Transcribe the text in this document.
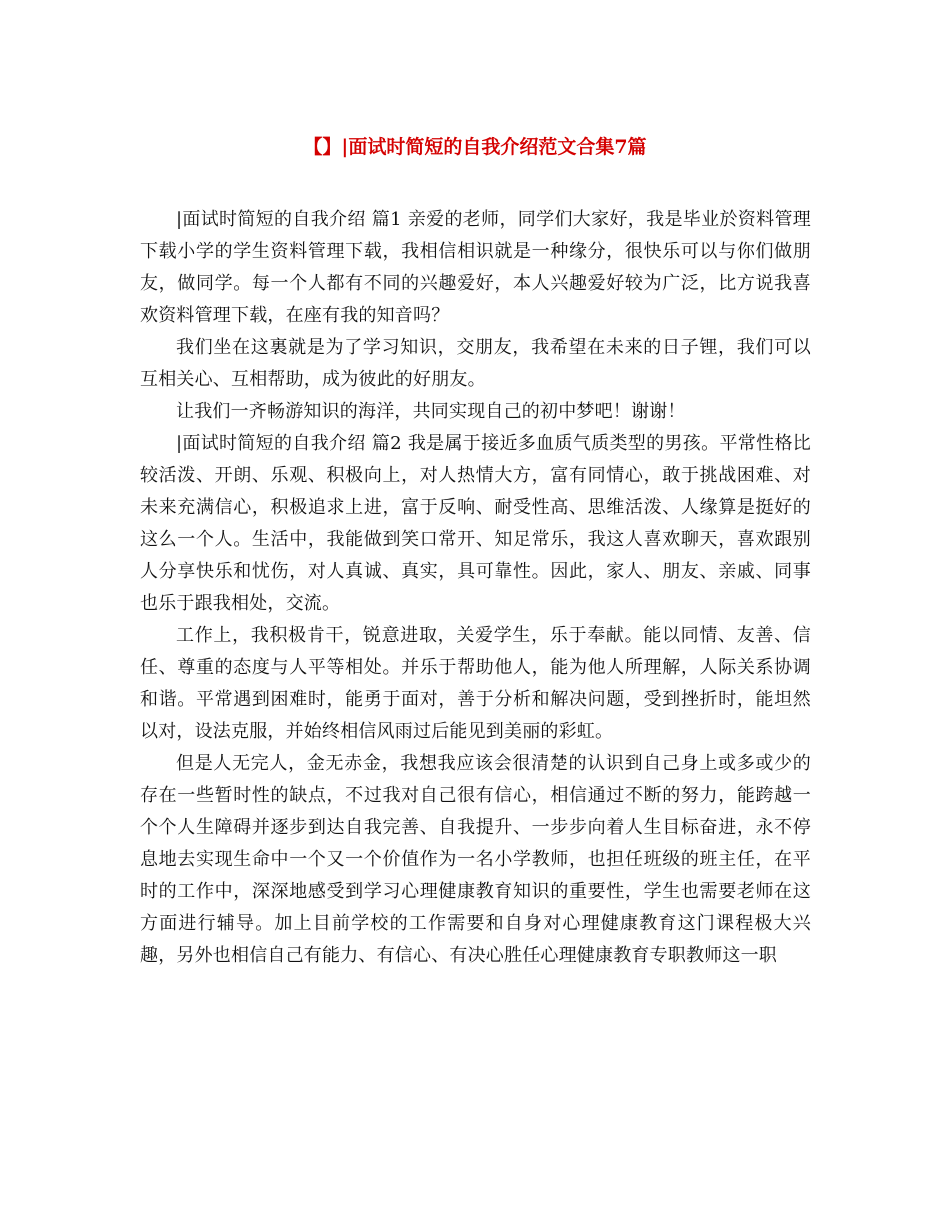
【】|面试时简短的自我介绍范文合集7篇

|面试时简短的自我介绍 篇1 亲爱的老师，同学们大家好，我是毕业於资料管理下载小学的学生资料管理下载，我相信相识就是一种缘分，很快乐可以与你们做朋友，做同学。每一个人都有不同的兴趣爱好，本人兴趣爱好较为广泛，比方说我喜欢资料管理下载，在座有我的知音吗？

我们坐在这裏就是为了学习知识，交朋友，我希望在未来的日子锂，我们可以互相关心、互相帮助，成为彼此的好朋友。

让我们一齐畅游知识的海洋，共同实现自己的初中梦吧！谢谢！

|面试时简短的自我介绍 篇2 我是属于接近多血质气质类型的男孩。平常性格比较活泼、开朗、乐观、积极向上，对人热情大方，富有同情心，敢于挑战困难、对未来充满信心，积极追求上进，富于反响、耐受性高、思维活泼、人缘算是挺好的这么一个人。生活中，我能做到笑口常开、知足常乐，我这人喜欢聊天，喜欢跟别人分享快乐和忧伤，对人真诚、真实，具可靠性。因此，家人、朋友、亲戚、同事也乐于跟我相处，交流。

工作上，我积极肯干，锐意进取，关爱学生，乐于奉献。能以同情、友善、信任、尊重的态度与人平等相处。并乐于帮助他人，能为他人所理解，人际关系协调和谐。平常遇到困难时，能勇于面对，善于分析和解决问题，受到挫折时，能坦然以对，设法克服，并始终相信风雨过后能见到美丽的彩虹。

但是人无完人，金无赤金，我想我应该会很清楚的认识到自己身上或多或少的存在一些暂时性的缺点，不过我对自己很有信心，相信通过不断的努力，能跨越一个个人生障碍并逐步到达自我完善、自我提升、一步步向着人生目标奋进，永不停息地去实现生命中一个又一个价值作为一名小学教师，也担任班级的班主任，在平时的工作中，深深地感受到学习心理健康教育知识的重要性，学生也需要老师在这方面进行辅导。加上目前学校的工作需要和自身对心理健康教育这门课程极大兴趣，另外也相信自己有能力、有信心、有决心胜任心理健康教育专职教师这一职
